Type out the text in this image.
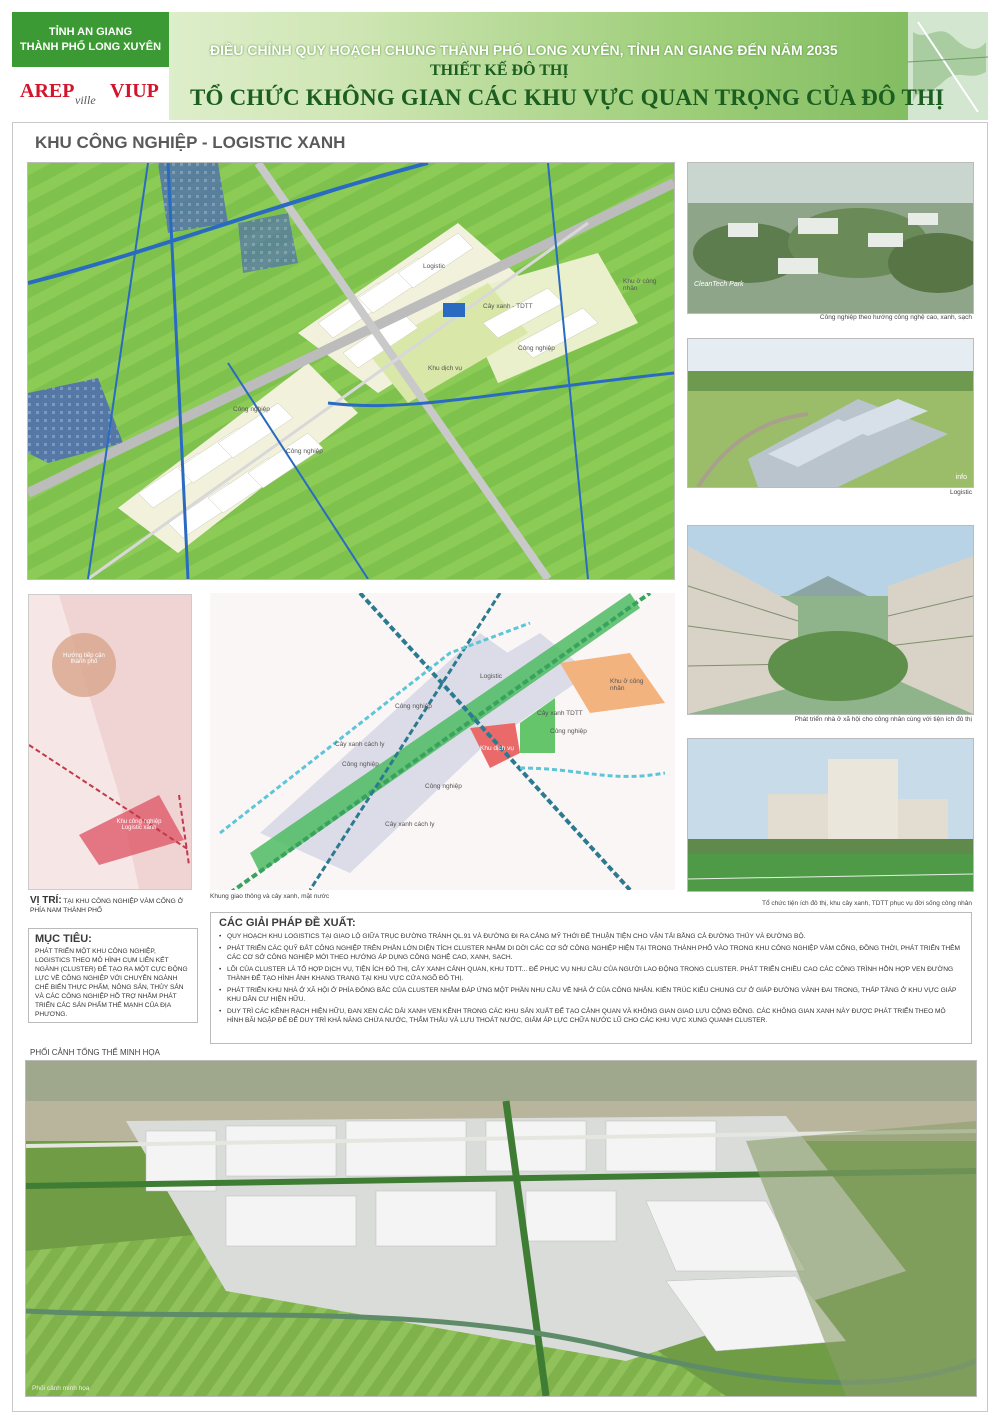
TỈNH AN GIANG
THÀNH PHỐ LONG XUYÊN
AREP ville VIUP
ĐIỀU CHỈNH QUY HOẠCH CHUNG THÀNH PHỐ LONG XUYÊN, TỈNH AN GIANG ĐẾN NĂM 2035
THIẾT KẾ ĐÔ THỊ
TỔ CHỨC KHÔNG GIAN CÁC KHU VỰC QUAN TRỌNG CỦA ĐÔ THỊ
KHU CÔNG NGHIỆP - LOGISTIC XANH
Logistic
Công nghiệp
Công nghiệp
Công nghiệp
Khu dịch vụ
Cây xanh - TDTT
Khu ở công nhân
CleanTech Park
Công nghiệp theo hướng công nghệ cao, xanh, sạch
info
Logistic
Phát triển nhà ở xã hội cho công nhân cùng với tiện ích đô thị
Tổ chức tiện ích đô thị, khu cây xanh, TDTT phục vụ đời sống công nhân
Hướng tiếp cận thành phố
Khu công nghiệp Logistic xanh
Logistic
Công nghiệp
Công nghiệp
Công nghiệp
Công nghiệp
Cây xanh TDTT
Khu dịch vụ
Khu ở công nhân
Cây xanh cách ly
Cây xanh cách ly
Khung giao thông và cây xanh, mặt nước
VỊ TRÍ: TẠI KHU CÔNG NGHIỆP VÀM CỐNG Ở PHÍA NAM THÀNH PHỐ
MỤC TIÊU:
PHÁT TRIỂN MỘT KHU CÔNG NGHIỆP, LOGISTICS THEO MÔ HÌNH CỤM LIÊN KẾT NGÀNH (CLUSTER) ĐỂ TẠO RA MỘT CỰC ĐỘNG LỰC VỀ CÔNG NGHIỆP VỚI CHUYÊN NGÀNH CHẾ BIẾN THỰC PHẨM, NÔNG SẢN, THỦY SẢN VÀ CÁC CÔNG NGHIỆP HỖ TRỢ NHẰM PHÁT TRIỂN CÁC SẢN PHẨM THẾ MẠNH CỦA ĐỊA PHƯƠNG.
CÁC GIẢI PHÁP ĐỀ XUẤT:
• QUY HOẠCH KHU LOGISTICS TẠI GIAO LỘ GIỮA TRỤC ĐƯỜNG TRÁNH QL.91 VÀ ĐƯỜNG ĐI RA CẢNG MỸ THỚI ĐỂ THUẬN TIỆN CHO VẬN TẢI BẰNG CẢ ĐƯỜNG THỦY VÀ ĐƯỜNG BỘ.
• PHÁT TRIỂN CÁC QUỸ ĐẤT CÔNG NGHIỆP TRÊN PHẦN LỚN DIỆN TÍCH CLUSTER NHẰM DI DỜI CÁC CƠ SỞ CÔNG NGHIỆP HIỆN TẠI TRONG THÀNH PHỐ VÀO TRONG KHU CÔNG NGHIỆP VÀM CỐNG, ĐỒNG THỜI, PHÁT TRIỂN THÊM CÁC CƠ SỞ CÔNG NGHIỆP MỚI THEO HƯỚNG ÁP DỤNG CÔNG NGHỆ CAO, XANH, SẠCH.
• LÕI CỦA CLUSTER LÀ TỔ HỢP DỊCH VỤ, TIỆN ÍCH ĐÔ THỊ, CÂY XANH CẢNH QUAN, KHU TDTT... ĐỂ PHỤC VỤ NHU CẦU CỦA NGƯỜI LAO ĐỘNG TRONG CLUSTER. PHÁT TRIỂN CHIỀU CAO CÁC CÔNG TRÌNH HỖN HỢP VEN ĐƯỜNG THÀNH ĐỂ TẠO HÌNH ẢNH KHANG TRANG TẠI KHU VỰC CỬA NGÕ ĐÔ THỊ.
• PHÁT TRIỂN KHU NHÀ Ở XÃ HỘI Ở PHÍA ĐÔNG BẮC CỦA CLUSTER NHẰM ĐÁP ỨNG MỘT PHẦN NHU CẦU VỀ NHÀ Ở CỦA CÔNG NHÂN. KIẾN TRÚC KIỂU CHUNG CƯ Ở GIÁP ĐƯỜNG VÀNH ĐAI TRONG, THẤP TẦNG Ở KHU VỰC GIÁP KHU DÂN CƯ HIỆN HỮU.
• DUY TRÌ CÁC KÊNH RẠCH HIỆN HỮU, ĐAN XEN CÁC DẢI XANH VEN KÊNH TRONG CÁC KHU SẢN XUẤT ĐỂ TẠO CẢNH QUAN VÀ KHÔNG GIAN GIAO LƯU CỘNG ĐỒNG. CÁC KHÔNG GIAN XANH NÀY ĐƯỢC PHÁT TRIỂN THEO MÔ HÌNH BÃI NGẬP ĐỂ ĐỂ DUY TRÌ KHẢ NĂNG CHỨA NƯỚC, THẨM THẤU VÀ LƯU THOÁT NƯỚC, GIẢM ÁP LỰC CHỮA NƯỚC LŨ CHO CÁC KHU VỰC XUNG QUANH CLUSTER.
PHỐI CẢNH TỔNG THỂ MINH HỌA
Phối cảnh minh họa
